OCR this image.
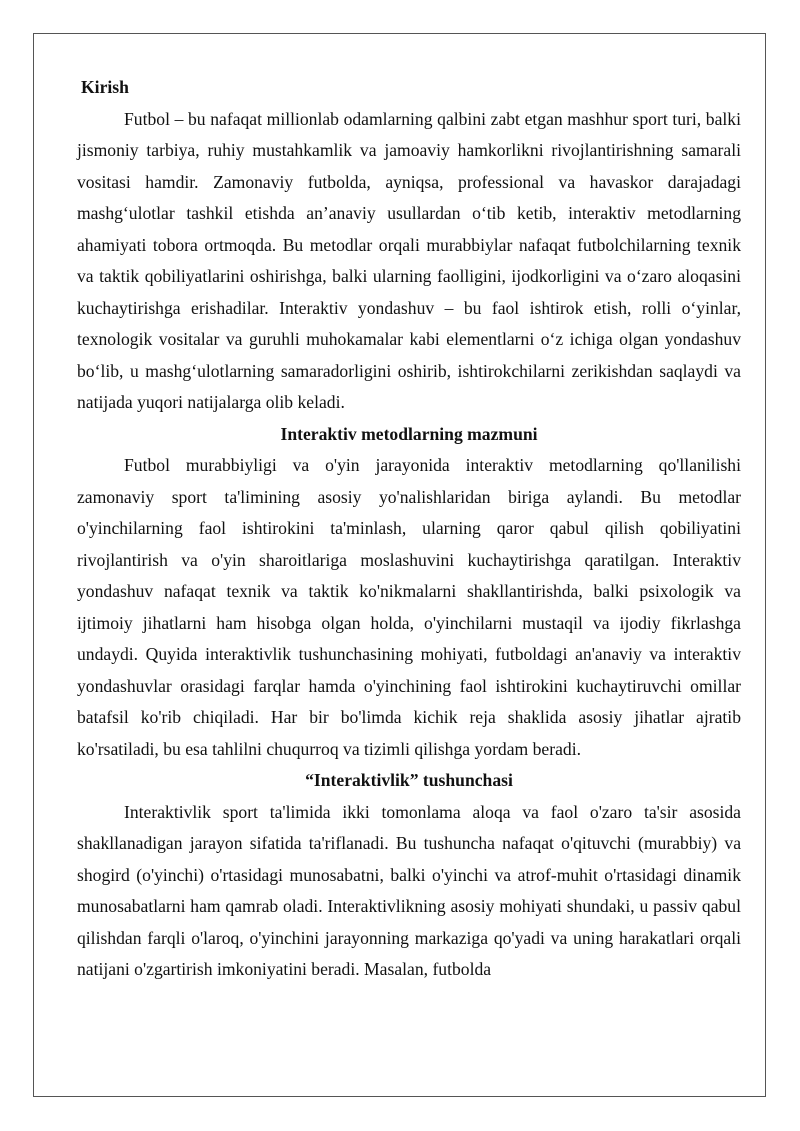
Kirish

Futbol – bu nafaqat millionlab odamlarning qalbini zabt etgan mashhur sport turi, balki jismoniy tarbiya, ruhiy mustahkamlik va jamoaviy hamkorlikni rivojlantirishning samarali vositasi hamdir. Zamonaviy futbolda, ayniqsa, professional va havaskor darajadagi mashg‘ulotlar tashkil etishda an’anaviy usullardan o‘tib ketib, interaktiv metodlarning ahamiyati tobora ortmoqda. Bu metodlar orqali murabbiylar nafaqat futbolchilarning texnik va taktik qobiliyatlarini oshirishga, balki ularning faolligini, ijodkorligini va o‘zaro aloqasini kuchaytirishga erishadilar. Interaktiv yondashuv – bu faol ishtirok etish, rolli o‘yinlar, texnologik vositalar va guruhli muhokamalar kabi elementlarni o‘z ichiga olgan yondashuv bo‘lib, u mashg‘ulotlarning samaradorligini oshirib, ishtirokchilarni zerikishdan saqlaydi va natijada yuqori natijalarga olib keladi.

Interaktiv metodlarning mazmuni

Futbol murabbiyligi va o'yin jarayonida interaktiv metodlarning qo'llanilishi zamonaviy sport ta'limining asosiy yo'nalishlaridan biriga aylandi. Bu metodlar o'yinchilarning faol ishtirokini ta'minlash, ularning qaror qabul qilish qobiliyatini rivojlantirish va o'yin sharoitlariga moslashuvini kuchaytirishga qaratilgan. Interaktiv yondashuv nafaqat texnik va taktik ko'nikmalarni shakllantirishda, balki psixologik va ijtimoiy jihatlarni ham hisobga olgan holda, o'yinchilarni mustaqil va ijodiy fikrlashga undaydi. Quyida interaktivlik tushunchasining mohiyati, futboldagi an'anaviy va interaktiv yondashuvlar orasidagi farqlar hamda o'yinchining faol ishtirokini kuchaytiruvchi omillar batafsil ko'rib chiqiladi. Har bir bo'limda kichik reja shaklida asosiy jihatlar ajratib ko'rsatiladi, bu esa tahlilni chuqurroq va tizimli qilishga yordam beradi.

“Interaktivlik” tushunchasi

Interaktivlik sport ta'limida ikki tomonlama aloqa va faol o'zaro ta'sir asosida shakllanadigan jarayon sifatida ta'riflanadi. Bu tushuncha nafaqat o'qituvchi (murabbiy) va shogird (o'yinchi) o'rtasidagi munosabatni, balki o'yinchi va atrof-muhit o'rtasidagi dinamik munosabatlarni ham qamrab oladi. Interaktivlikning asosiy mohiyati shundaki, u passiv qabul qilishdan farqli o'laroq, o'yinchini jarayonning markaziga qo'yadi va uning harakatlari orqali natijani o'zgartirish imkoniyatini beradi. Masalan, futbolda
